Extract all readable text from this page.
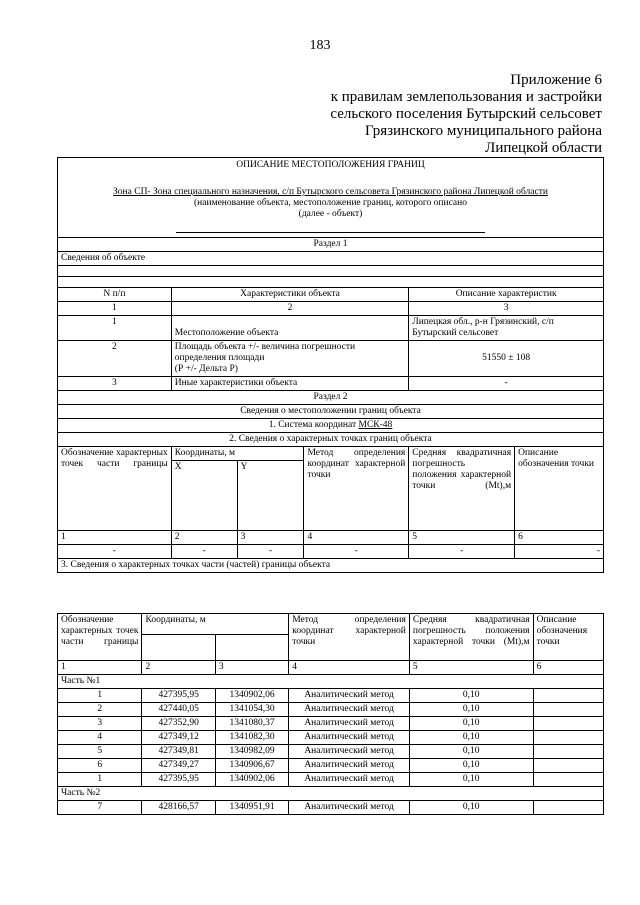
183
Приложение 6
к правилам землепользования и застройки
сельского поселения Бутырский сельсовет
Грязинского муниципального района
Липецкой области
ОПИСАНИЕ МЕСТОПОЛОЖЕНИЯ ГРАНИЦ
Зона СП- Зона специального назначения, с/п Бутырского сельсовета Грязинского района Липецкой области
(наименование объекта, местоположение границ, которого описано
(далее - объект)					

Раздел 1					
Сведения об объекте					

N п/п	Характеристики объекта			Описание характеристик	
1	2			3	
1	Местоположение объекта			Липецкая обл., р-н Грязинский, с/п Бутырский сельсовет	
2	Площадь объекта +/- величина погрешности
определения площади
(Р +/- Дельта Р)			51550 ± 108	
3	Иные характеристики объекта			-	
Раздел 2					
Сведения о местоположении границ объекта					
1. Система координат МСК-48					
2. Сведения о характерных точках границ объекта					
Обозначение характерных точек части границы	Координаты, м		Метод определения координат характерной точки	Средняя квадратичная погрешность положения характерной точки (Mt),м	Описание обозначения точки
	X	Y			
1	2	3	4	5	6
-	-	-	-	-	-
3. Сведения о характерных точках части (частей) границы объекта					
Обозначение характерных точек части границы	Координаты, м		Метод определения координат характерной точки	Средняя квадратичная погрешность положения характерной точки (Mt),м	Описание обозначения точки

1	2	3	4	5	6
Часть №1					
1	427395,95	1340902,06	Аналитический метод	0,10	
2	427440,05	1341054,30	Аналитический метод	0,10	
3	427352,90	1341080,37	Аналитический метод	0,10	
4	427349,12	1341082,30	Аналитический метод	0,10	
5	427349,81	1340982,09	Аналитический метод	0,10	
6	427349,27	1340906,67	Аналитический метод	0,10	
1	427395,95	1340902,06	Аналитический метод	0,10	
Часть №2					
7	428166,57	1340951,91	Аналитический метод	0,10	
